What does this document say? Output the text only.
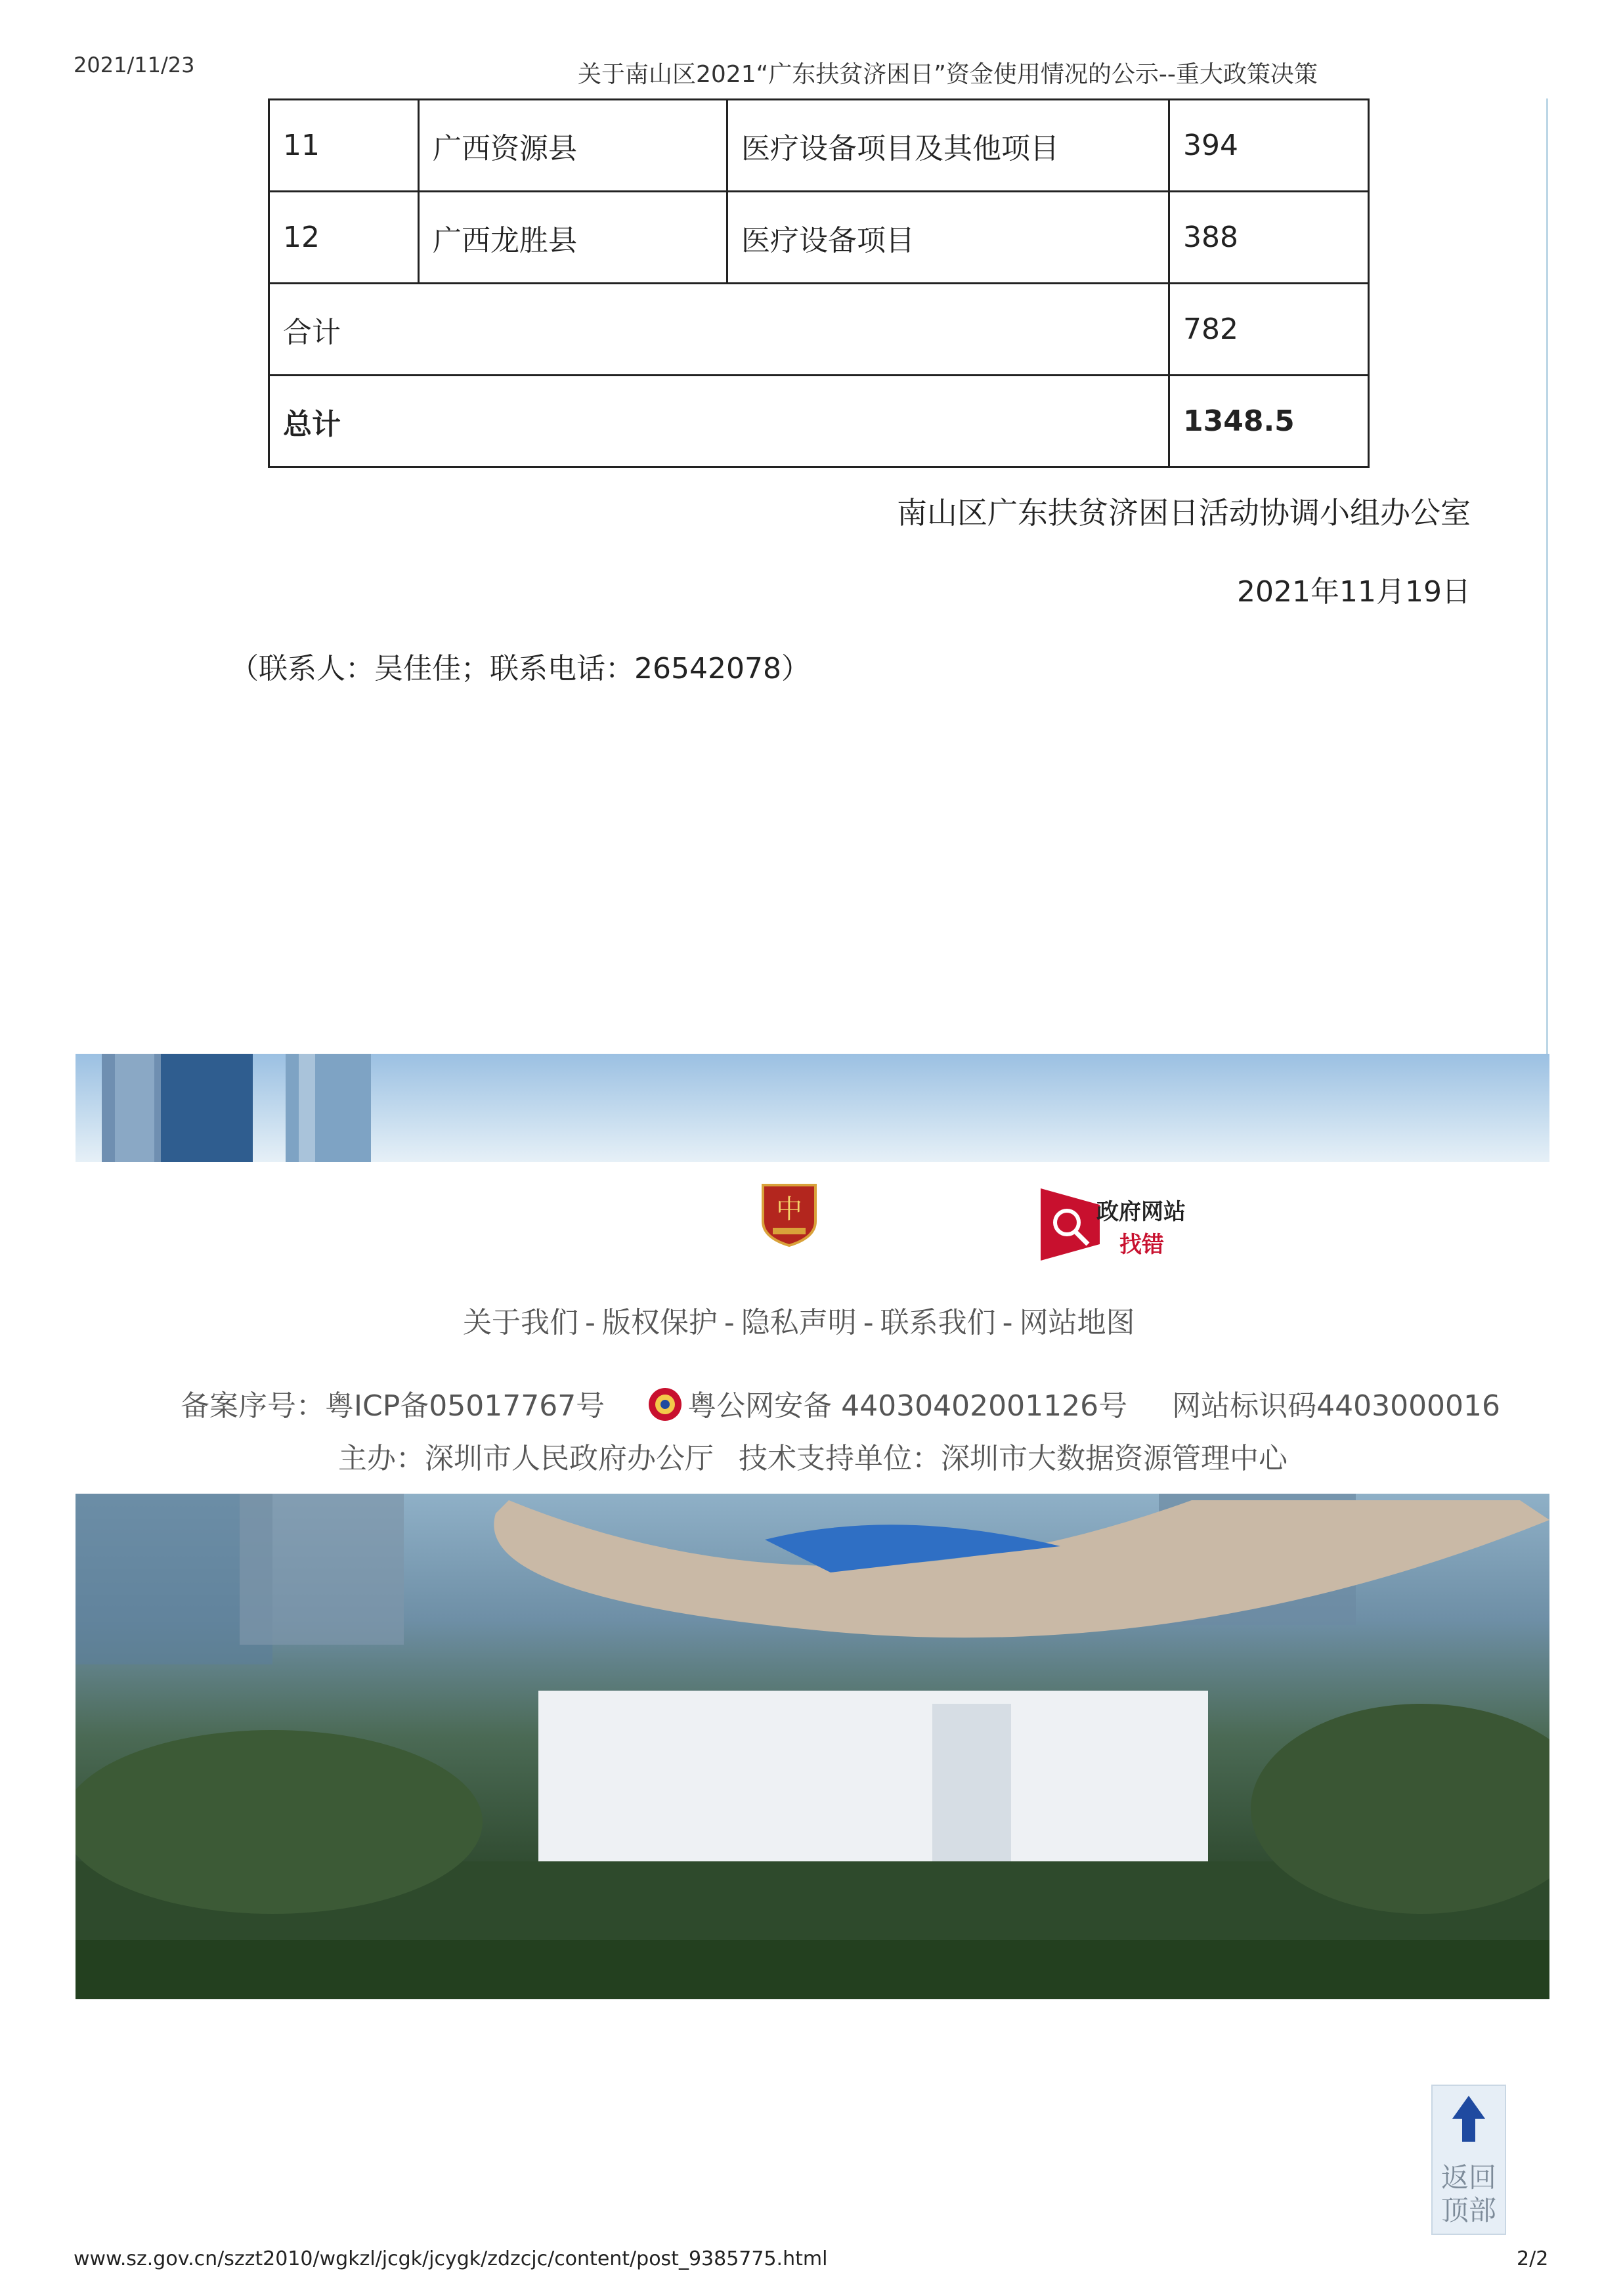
2021/11/23	关于南山区2021“广东扶贫济困日”资金使用情况的公示--重大政策决策
11	广西资源县	医疗设备项目及其他项目	394
12	广西龙胜县	医疗设备项目	388
合计			782
总计			1348.5
南山区广东扶贫济困日活动协调小组办公室
2021年11月19日
（联系人：吴佳佳；联系电话：26542078）
中	政府网站
找错
关于我们 - 版权保护 - 隐私声明 - 联系我们 - 网站地图
备案序号：粤ICP备05017767号	粤公网安备 44030402001126号 网站标识码4403000016
主办：深圳市人民政府办公厅 技术支持单位：深圳市大数据资源管理中心
返回顶部
www.sz.gov.cn/szzt2010/wgkzl/jcgk/jcygk/zdzcjc/content/post_9385775.html	2/2
